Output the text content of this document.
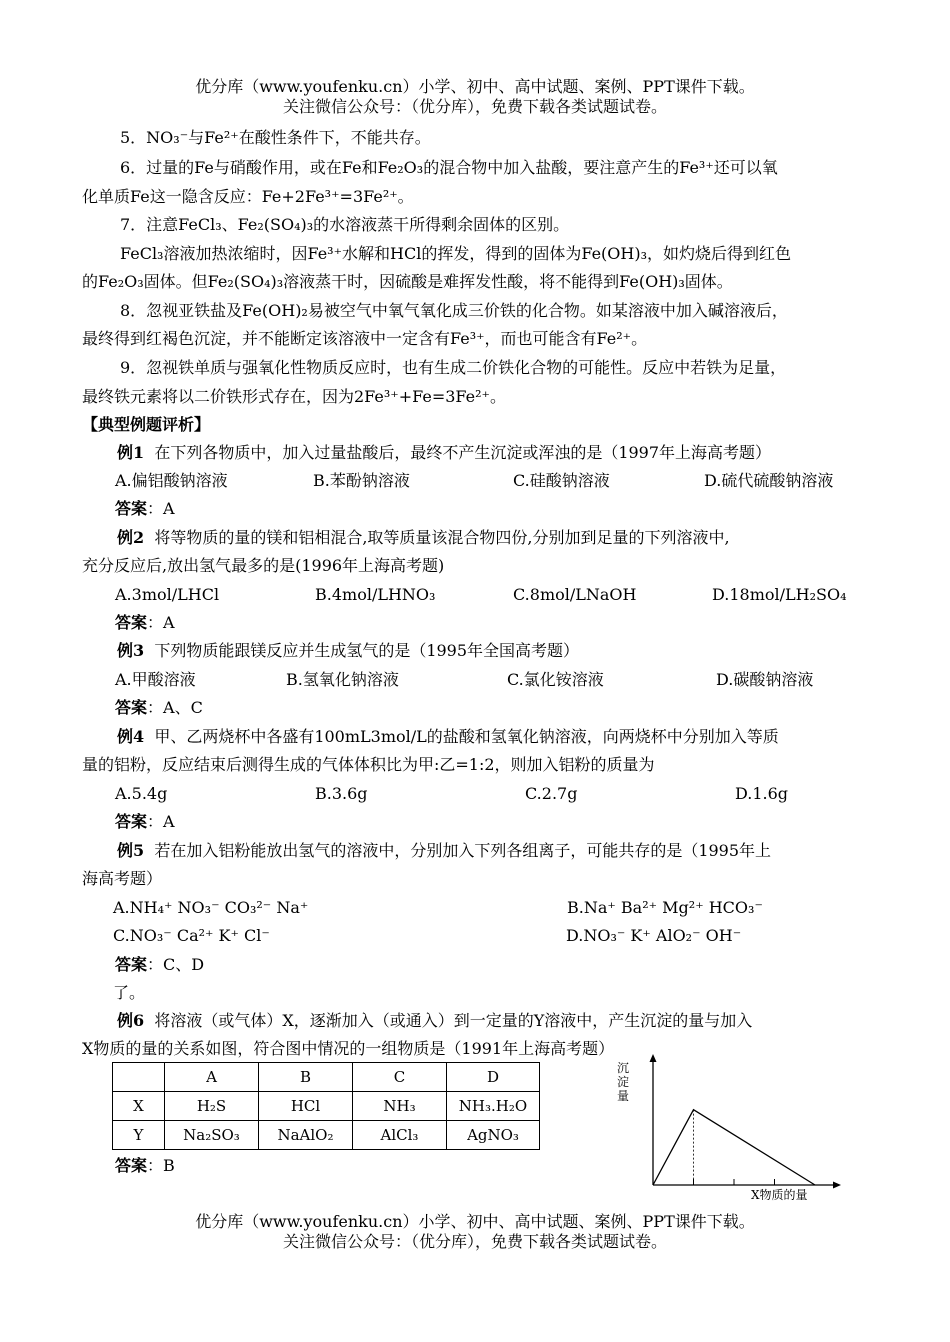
优分库（www.youfenku.cn）小学、初中、高中试题、案例、PPT课件下载。
关注微信公众号：（优分库），免费下载各类试题试卷。
5．NO₃⁻与Fe²⁺在酸性条件下，不能共存。
6．过量的Fe与硝酸作用，或在Fe和Fe₂O₃的混合物中加入盐酸，要注意产生的Fe³⁺还可以氧
化单质Fe这一隐含反应：Fe+2Fe³⁺=3Fe²⁺。
7．注意FeCl₃、Fe₂(SO₄)₃的水溶液蒸干所得剩余固体的区别。
FeCl₃溶液加热浓缩时，因Fe³⁺水解和HCl的挥发，得到的固体为Fe(OH)₃，如灼烧后得到红色
的Fe₂O₃固体。但Fe₂(SO₄)₃溶液蒸干时，因硫酸是难挥发性酸，将不能得到Fe(OH)₃固体。
8．忽视亚铁盐及Fe(OH)₂易被空气中氧气氧化成三价铁的化合物。如某溶液中加入碱溶液后，
最终得到红褐色沉淀，并不能断定该溶液中一定含有Fe³⁺，而也可能含有Fe²⁺。
9．忽视铁单质与强氧化性物质反应时，也有生成二价铁化合物的可能性。反应中若铁为足量，
最终铁元素将以二价铁形式存在，因为2Fe³⁺+Fe=3Fe²⁺。
【典型例题评析】
例1 在下列各物质中，加入过量盐酸后，最终不产生沉淀或浑浊的是（1997年上海高考题）
A.偏铝酸钠溶液	B.苯酚钠溶液	C.硅酸钠溶液	D.硫代硫酸钠溶液
答案：A
例2 将等物质的量的镁和铝相混合,取等质量该混合物四份,分别加到足量的下列溶液中,
充分反应后,放出氢气最多的是(1996年上海高考题)
A.3mol/LHCl	B.4mol/LHNO₃	C.8mol/LNaOH	D.18mol/LH₂SO₄
答案：A
例3 下列物质能跟镁反应并生成氢气的是（1995年全国高考题）
A.甲酸溶液	B.氢氧化钠溶液	C.氯化铵溶液	D.碳酸钠溶液
答案：A、C
例4 甲、乙两烧杯中各盛有100mL3mol/L的盐酸和氢氧化钠溶液，向两烧杯中分别加入等质
量的铝粉，反应结束后测得生成的气体体积比为甲:乙=1:2，则加入铝粉的质量为
A.5.4g	B.3.6g	C.2.7g	D.1.6g
答案：A
例5 若在加入铝粉能放出氢气的溶液中，分别加入下列各组离子，可能共存的是（1995年上
海高考题）
A.NH₄⁺ NO₃⁻ CO₃²⁻ Na⁺	B.Na⁺ Ba²⁺ Mg²⁺ HCO₃⁻
C.NO₃⁻ Ca²⁺ K⁺ Cl⁻	D.NO₃⁻ K⁺ AlO₂⁻ OH⁻
答案：C、D
了。
例6 将溶液（或气体）X，逐渐加入（或通入）到一定量的Y溶液中，产生沉淀的量与加入
X物质的量的关系如图，符合图中情况的一组物质是（1991年上海高考题）
	A	B	C	D
X	H₂S	HCl	NH₃	NH₃.H₂O
Y	Na₂SO₃	NaAlO₂	AlCl₃	AgNO₃
答案：B
沉
淀
量
X物质的量
优分库（www.youfenku.cn）小学、初中、高中试题、案例、PPT课件下载。
关注微信公众号：（优分库），免费下载各类试题试卷。
